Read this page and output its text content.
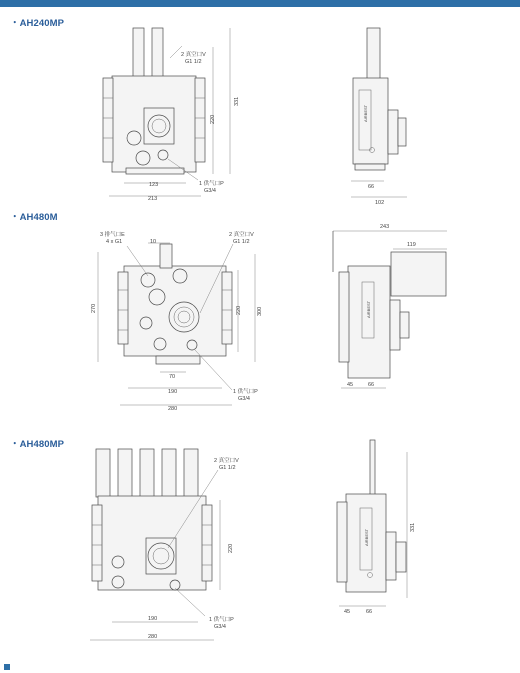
・AH240MP
・AH480M
・AH480MP
2 真空口V
G1 1/2
1 供气口P
G3/4
331
220
123
213
AIRBEST
66
102
3 排气口E
4 x G1
2 真空口V
G1 1/2
1 供气口P
G3/4
10
270	220	300
70
190
280
AIRBEST
243
119
45	66
2 真空口V
G1 1/2
1 供气口P
G3/4
220
190
280
AIRBEST
331
45	66
